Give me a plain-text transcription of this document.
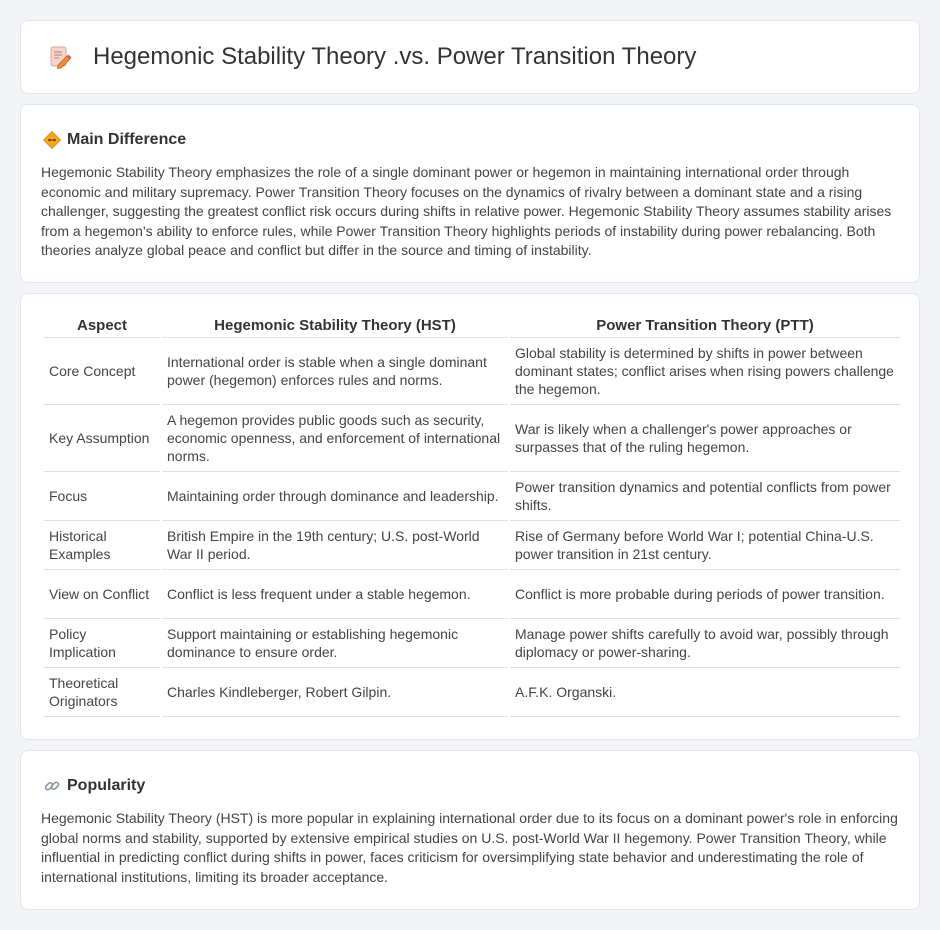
Hegemonic Stability Theory .vs. Power Transition Theory
Main Difference

Hegemonic Stability Theory emphasizes the role of a single dominant power or hegemon in maintaining international order through economic and military supremacy. Power Transition Theory focuses on the dynamics of rivalry between a dominant state and a rising challenger, suggesting the greatest conflict risk occurs during shifts in relative power. Hegemonic Stability Theory assumes stability arises from a hegemon's ability to enforce rules, while Power Transition Theory highlights periods of instability during power rebalancing. Both theories analyze global peace and conflict but differ in the source and timing of instability.

Aspect	Hegemonic Stability Theory (HST)	Power Transition Theory (PTT)
Core Concept	International order is stable when a single dominant power (hegemon) enforces rules and norms.	Global stability is determined by shifts in power between dominant states; conflict arises when rising powers challenge the hegemon.
Key Assumption	A hegemon provides public goods such as security, economic openness, and enforcement of international norms.	War is likely when a challenger's power approaches or surpasses that of the ruling hegemon.
Focus	Maintaining order through dominance and leadership.	Power transition dynamics and potential conflicts from power shifts.
Historical Examples	British Empire in the 19th century; U.S. post-World War II period.	Rise of Germany before World War I; potential China-U.S. power transition in 21st century.
View on Conflict	Conflict is less frequent under a stable hegemon.	Conflict is more probable during periods of power transition.
Policy Implication	Support maintaining or establishing hegemonic dominance to ensure order.	Manage power shifts carefully to avoid war, possibly through diplomacy or power-sharing.
Theoretical Originators	Charles Kindleberger, Robert Gilpin.	A.F.K. Organski.
Popularity

Hegemonic Stability Theory (HST) is more popular in explaining international order due to its focus on a dominant power's role in enforcing global norms and stability, supported by extensive empirical studies on U.S. post-World War II hegemony. Power Transition Theory, while influential in predicting conflict during shifts in power, faces criticism for oversimplifying state behavior and underestimating the role of international institutions, limiting its broader acceptance.
